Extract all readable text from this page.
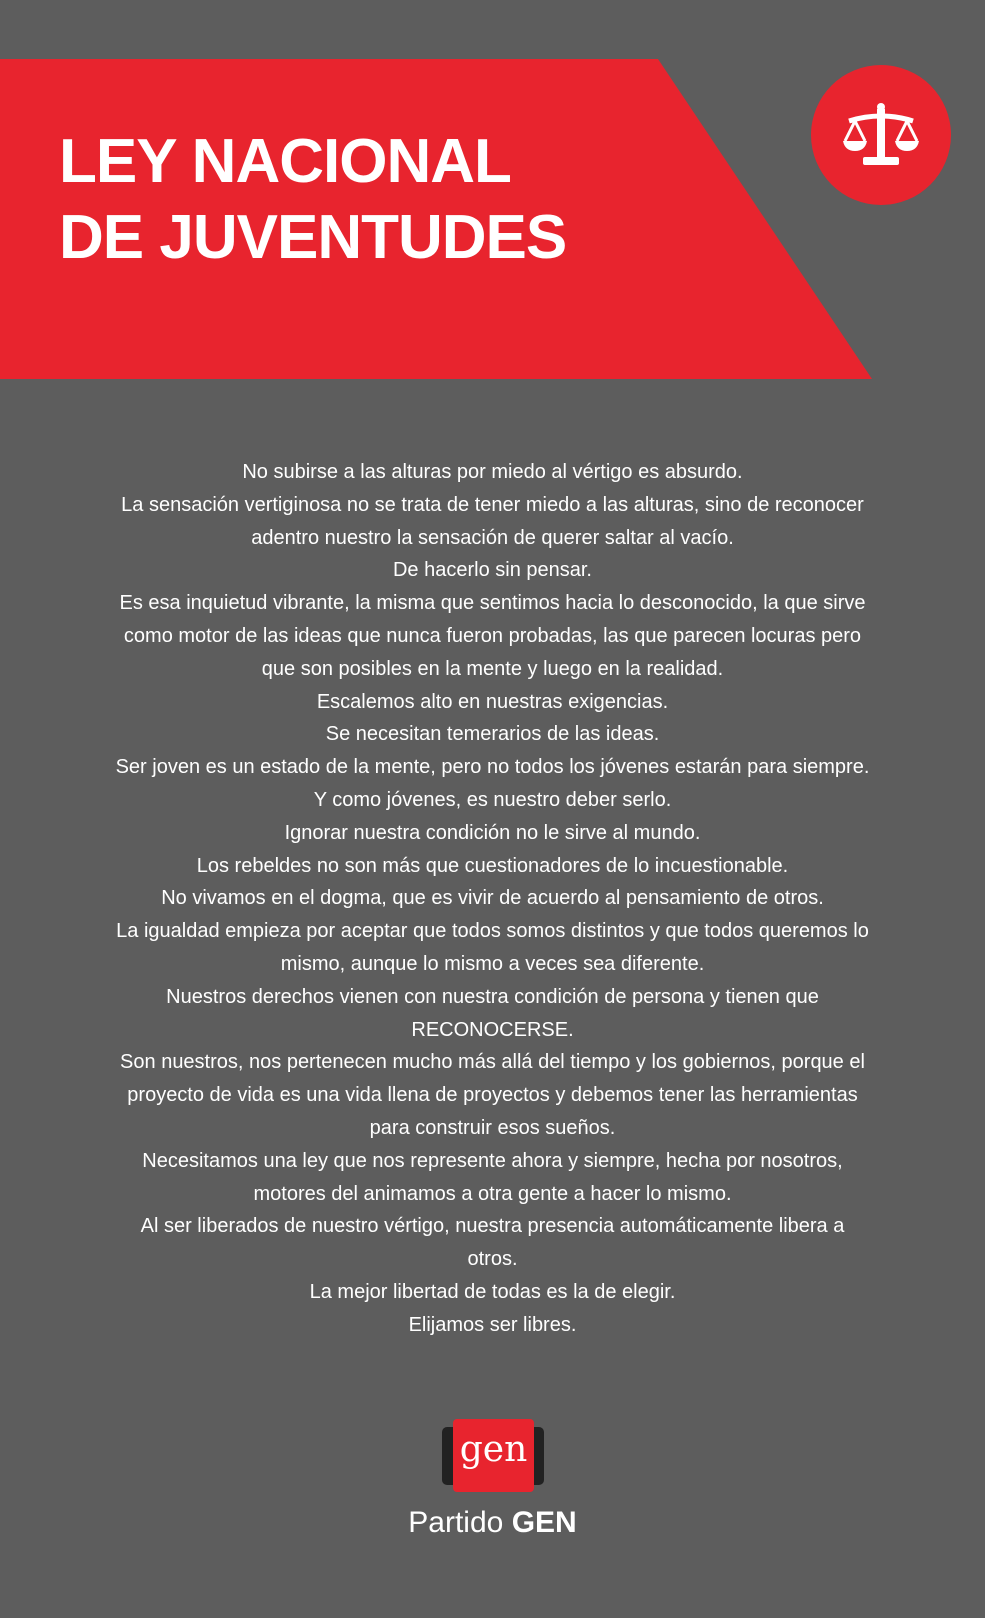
LEY NACIONAL
DE JUVENTUDES
No subirse a las alturas por miedo al vértigo es absurdo.
La sensación vertiginosa no se trata de tener miedo a las alturas, sino de reconocer
adentro nuestro la sensación de querer saltar al vacío.
De hacerlo sin pensar.
Es esa inquietud vibrante, la misma que sentimos hacia lo desconocido, la que sirve
como motor de las ideas que nunca fueron probadas, las que parecen locuras pero
que son posibles en la mente y luego en la realidad.
Escalemos alto en nuestras exigencias.
Se necesitan temerarios de las ideas.
Ser joven es un estado de la mente, pero no todos los jóvenes estarán para siempre.
Y como jóvenes, es nuestro deber serlo.
Ignorar nuestra condición no le sirve al mundo.
Los rebeldes no son más que cuestionadores de lo incuestionable.
No vivamos en el dogma, que es vivir de acuerdo al pensamiento de otros.
La igualdad empieza por aceptar que todos somos distintos y que todos queremos lo
mismo, aunque lo mismo a veces sea diferente.
Nuestros derechos vienen con nuestra condición de persona y tienen que
RECONOCERSE.
Son nuestros, nos pertenecen mucho más allá del tiempo y los gobiernos, porque el
proyecto de vida es una vida llena de proyectos y debemos tener las herramientas
para construir esos sueños.
Necesitamos una ley que nos represente ahora y siempre, hecha por nosotros,
motores del animamos a otra gente a hacer lo mismo.
Al ser liberados de nuestro vértigo, nuestra presencia automáticamente libera a
otros.
La mejor libertad de todas es la de elegir.
Elijamos ser libres.
gen
Partido GEN
